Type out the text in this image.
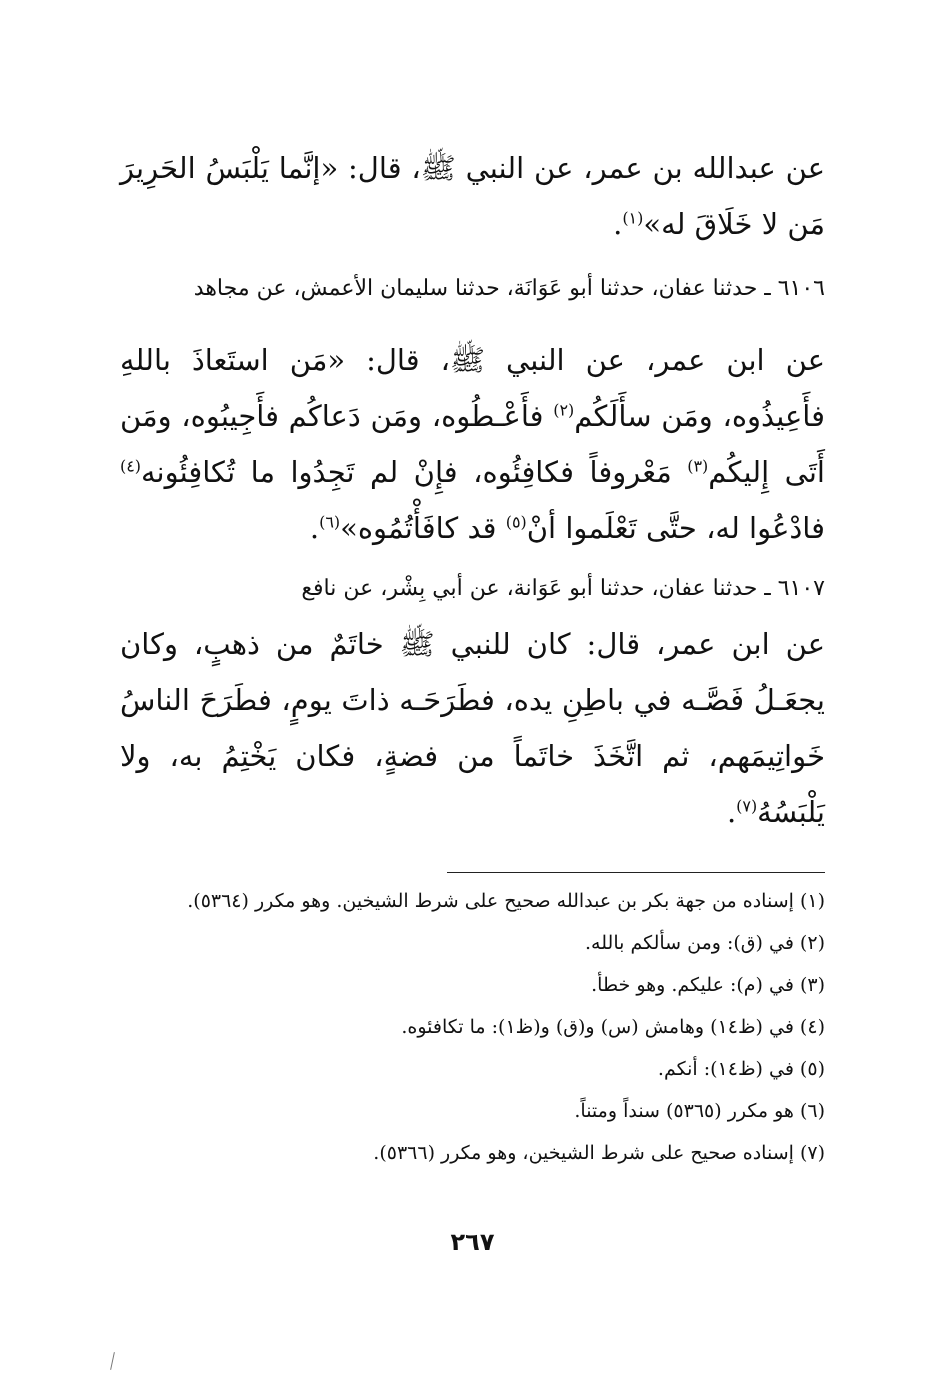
عن عبدالله بن عمر، عن النبي ﷺ، قال: «إنَّما يَلْبَسُ الحَرِيرَ مَن لا خَلَاقَ له»$^{(١)}$.

٦١٠٦ ـ حدثنا عفان، حدثنا أبو عَوَانَة، حدثنا سليمان الأعمش، عن مجاهد

عن ابن عمر، عن النبي ﷺ، قال: «مَن استَعاذَ باللهِ فأَعِيذُوه، ومَن سأَلَكُم$^{(٢)}$ فأَعْـطُوه، ومَن دَعاكُم فأَجِيبُوه، ومَن أَتَى إِليكُم$^{(٣)}$ مَعْروفاً فكافِئُوه، فإِنْ لم تَجِدُوا ما تُكافِئُونه$^{(٤)}$ فادْعُوا له، حتَّى تَعْلَموا أنْ$^{(٥)}$ قد كافَأْتُمُوه»$^{(٦)}$.

٦١٠٧ ـ حدثنا عفان، حدثنا أبو عَوَانة، عن أبي بِشْر، عن نافع

عن ابن عمر، قال: كان للنبي ﷺ خاتَمٌ من ذهبٍ، وكان يجعَـلُ فَصَّـه في باطِنِ يده، فطَرَحَـه ذاتَ يومٍ، فطَرَحَ الناسُ خَواتِيمَهم، ثم اتَّخَذَ خاتَماً من فضةٍ، فكان يَخْتِمُ به، ولا يَلْبَسُهُ$^{(٧)}$.

(١) إسناده من جهة بكر بن عبدالله صحيح على شرط الشيخين. وهو مكرر (٥٣٦٤).
(٢) في (ق): ومن سألكم بالله.
(٣) في (م): عليكم. وهو خطأ.
(٤) في (ظ١٤) وهامش (س) و(ق) و(ظ١): ما تكافئوه.
(٥) في (ظ١٤): أنكم.
(٦) هو مكرر (٥٣٦٥) سنداً ومتناً.
(٧) إسناده صحيح على شرط الشيخين، وهو مكرر (٥٣٦٦).
٢٦٧
